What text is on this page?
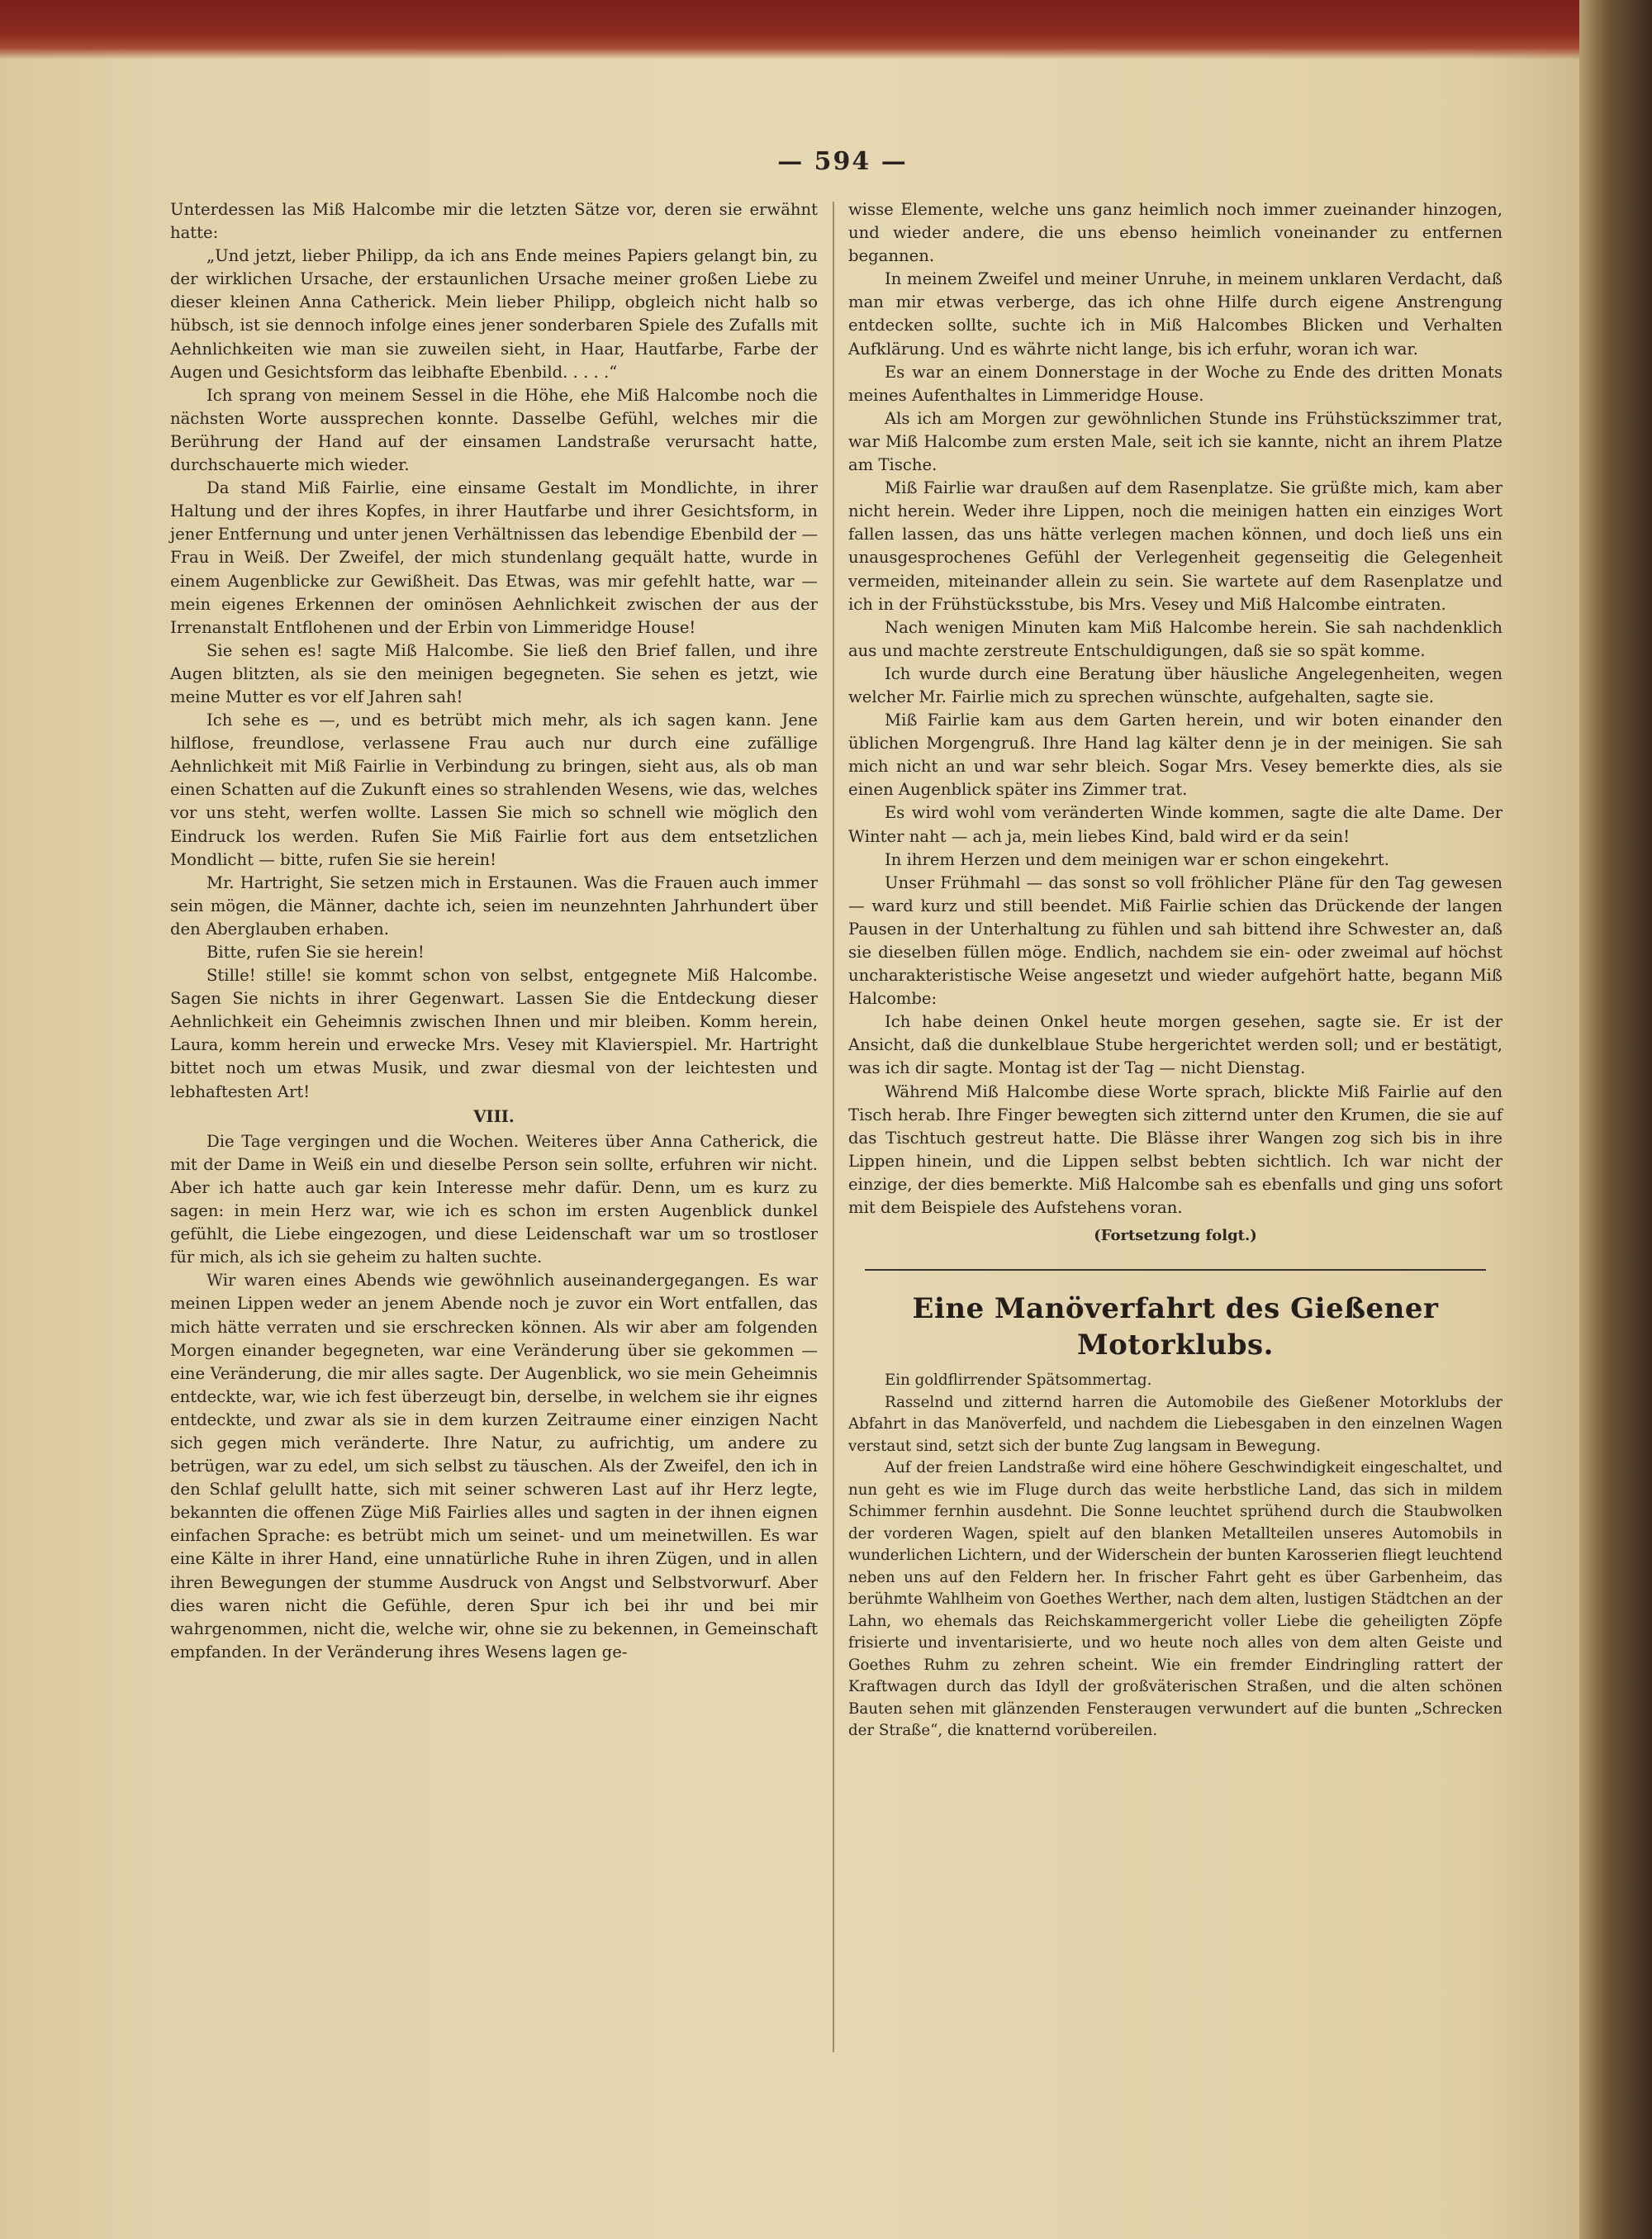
— 594 —

Unterdessen las Miß Halcombe mir die letzten Sätze vor, deren sie erwähnt hatte:

„Und jetzt, lieber Philipp, da ich ans Ende meines Papiers gelangt bin, zu der wirklichen Ursache, der erstaunlichen Ursache meiner großen Liebe zu dieser kleinen Anna Catherick. Mein lieber Philipp, obgleich nicht halb so hübsch, ist sie dennoch infolge eines jener sonderbaren Spiele des Zufalls mit Aehnlichkeiten wie man sie zuweilen sieht, in Haar, Hautfarbe, Farbe der Augen und Gesichtsform das leibhafte Ebenbild. . . . .“

Ich sprang von meinem Sessel in die Höhe, ehe Miß Halcombe noch die nächsten Worte aussprechen konnte. Dasselbe Gefühl, welches mir die Berührung der Hand auf der einsamen Landstraße verursacht hatte, durchschauerte mich wieder.

Da stand Miß Fairlie, eine einsame Gestalt im Mondlichte, in ihrer Haltung und der ihres Kopfes, in ihrer Hautfarbe und ihrer Gesichtsform, in jener Entfernung und unter jenen Verhältnissen das lebendige Ebenbild der — Frau in Weiß. Der Zweifel, der mich stundenlang gequält hatte, wurde in einem Augenblicke zur Gewißheit. Das Etwas, was mir gefehlt hatte, war — mein eigenes Erkennen der ominösen Aehnlichkeit zwischen der aus der Irrenanstalt Entflohenen und der Erbin von Limmeridge House!

Sie sehen es! sagte Miß Halcombe. Sie ließ den Brief fallen, und ihre Augen blitzten, als sie den meinigen begegneten. Sie sehen es jetzt, wie meine Mutter es vor elf Jahren sah!

Ich sehe es —, und es betrübt mich mehr, als ich sagen kann. Jene hilflose, freundlose, verlassene Frau auch nur durch eine zufällige Aehnlichkeit mit Miß Fairlie in Verbindung zu bringen, sieht aus, als ob man einen Schatten auf die Zukunft eines so strahlenden Wesens, wie das, welches vor uns steht, werfen wollte. Lassen Sie mich so schnell wie möglich den Eindruck los werden. Rufen Sie Miß Fairlie fort aus dem entsetzlichen Mondlicht — bitte, rufen Sie sie herein!

Mr. Hartright, Sie setzen mich in Erstaunen. Was die Frauen auch immer sein mögen, die Männer, dachte ich, seien im neunzehnten Jahrhundert über den Aberglauben erhaben.

Bitte, rufen Sie sie herein!

Stille! stille! sie kommt schon von selbst, entgegnete Miß Halcombe. Sagen Sie nichts in ihrer Gegenwart. Lassen Sie die Entdeckung dieser Aehnlichkeit ein Geheimnis zwischen Ihnen und mir bleiben. Komm herein, Laura, komm herein und erwecke Mrs. Vesey mit Klavierspiel. Mr. Hartright bittet noch um etwas Musik, und zwar diesmal von der leichtesten und lebhaftesten Art!

VIII.

Die Tage vergingen und die Wochen. Weiteres über Anna Catherick, die mit der Dame in Weiß ein und dieselbe Person sein sollte, erfuhren wir nicht. Aber ich hatte auch gar kein Interesse mehr dafür. Denn, um es kurz zu sagen: in mein Herz war, wie ich es schon im ersten Augenblick dunkel gefühlt, die Liebe eingezogen, und diese Leidenschaft war um so trostloser für mich, als ich sie geheim zu halten suchte.

Wir waren eines Abends wie gewöhnlich auseinandergegangen. Es war meinen Lippen weder an jenem Abende noch je zuvor ein Wort entfallen, das mich hätte verraten und sie erschrecken können. Als wir aber am folgenden Morgen einander begegneten, war eine Veränderung über sie gekommen — eine Veränderung, die mir alles sagte. Der Augenblick, wo sie mein Geheimnis entdeckte, war, wie ich fest überzeugt bin, derselbe, in welchem sie ihr eignes entdeckte, und zwar als sie in dem kurzen Zeitraume einer einzigen Nacht sich gegen mich veränderte. Ihre Natur, zu aufrichtig, um andere zu betrügen, war zu edel, um sich selbst zu täuschen. Als der Zweifel, den ich in den Schlaf gelullt hatte, sich mit seiner schweren Last auf ihr Herz legte, bekannten die offenen Züge Miß Fairlies alles und sagten in der ihnen eignen einfachen Sprache: es betrübt mich um seinet- und um meinetwillen. Es war eine Kälte in ihrer Hand, eine unnatürliche Ruhe in ihren Zügen, und in allen ihren Bewegungen der stumme Ausdruck von Angst und Selbstvorwurf. Aber dies waren nicht die Gefühle, deren Spur ich bei ihr und bei mir wahrgenommen, nicht die, welche wir, ohne sie zu bekennen, in Gemeinschaft empfanden. In der Veränderung ihres Wesens lagen ge-

wisse Elemente, welche uns ganz heimlich noch immer zueinander hinzogen, und wieder andere, die uns ebenso heimlich voneinander zu entfernen begannen.

In meinem Zweifel und meiner Unruhe, in meinem unklaren Verdacht, daß man mir etwas verberge, das ich ohne Hilfe durch eigene Anstrengung entdecken sollte, suchte ich in Miß Halcombes Blicken und Verhalten Aufklärung. Und es währte nicht lange, bis ich erfuhr, woran ich war.

Es war an einem Donnerstage in der Woche zu Ende des dritten Monats meines Aufenthaltes in Limmeridge House.

Als ich am Morgen zur gewöhnlichen Stunde ins Frühstückszimmer trat, war Miß Halcombe zum ersten Male, seit ich sie kannte, nicht an ihrem Platze am Tische.

Miß Fairlie war draußen auf dem Rasenplatze. Sie grüßte mich, kam aber nicht herein. Weder ihre Lippen, noch die meinigen hatten ein einziges Wort fallen lassen, das uns hätte verlegen machen können, und doch ließ uns ein unausgesprochenes Gefühl der Verlegenheit gegenseitig die Gelegenheit vermeiden, miteinander allein zu sein. Sie wartete auf dem Rasenplatze und ich in der Frühstücksstube, bis Mrs. Vesey und Miß Halcombe eintraten.

Nach wenigen Minuten kam Miß Halcombe herein. Sie sah nachdenklich aus und machte zerstreute Entschuldigungen, daß sie so spät komme.

Ich wurde durch eine Beratung über häusliche Angelegenheiten, wegen welcher Mr. Fairlie mich zu sprechen wünschte, aufgehalten, sagte sie.

Miß Fairlie kam aus dem Garten herein, und wir boten einander den üblichen Morgengruß. Ihre Hand lag kälter denn je in der meinigen. Sie sah mich nicht an und war sehr bleich. Sogar Mrs. Vesey bemerkte dies, als sie einen Augenblick später ins Zimmer trat.

Es wird wohl vom veränderten Winde kommen, sagte die alte Dame. Der Winter naht — ach ja, mein liebes Kind, bald wird er da sein!

In ihrem Herzen und dem meinigen war er schon eingekehrt.

Unser Frühmahl — das sonst so voll fröhlicher Pläne für den Tag gewesen — ward kurz und still beendet. Miß Fairlie schien das Drückende der langen Pausen in der Unterhaltung zu fühlen und sah bittend ihre Schwester an, daß sie dieselben füllen möge. Endlich, nachdem sie ein- oder zweimal auf höchst uncharakteristische Weise angesetzt und wieder aufgehört hatte, begann Miß Halcombe:

Ich habe deinen Onkel heute morgen gesehen, sagte sie. Er ist der Ansicht, daß die dunkelblaue Stube hergerichtet werden soll; und er bestätigt, was ich dir sagte. Montag ist der Tag — nicht Dienstag.

Während Miß Halcombe diese Worte sprach, blickte Miß Fairlie auf den Tisch herab. Ihre Finger bewegten sich zitternd unter den Krumen, die sie auf das Tischtuch gestreut hatte. Die Blässe ihrer Wangen zog sich bis in ihre Lippen hinein, und die Lippen selbst bebten sichtlich. Ich war nicht der einzige, der dies bemerkte. Miß Halcombe sah es ebenfalls und ging uns sofort mit dem Beispiele des Aufstehens voran.

(Fortsetzung folgt.)
Eine Manöverfahrt des Gießener Motorklubs.

Ein goldflirrender Spätsommertag.

Rasselnd und zitternd harren die Automobile des Gießener Motorklubs der Abfahrt in das Manöverfeld, und nachdem die Liebesgaben in den einzelnen Wagen verstaut sind, setzt sich der bunte Zug langsam in Bewegung.

Auf der freien Landstraße wird eine höhere Geschwindigkeit eingeschaltet, und nun geht es wie im Fluge durch das weite herbstliche Land, das sich in mildem Schimmer fernhin ausdehnt. Die Sonne leuchtet sprühend durch die Staubwolken der vorderen Wagen, spielt auf den blanken Metallteilen unseres Automobils in wunderlichen Lichtern, und der Widerschein der bunten Karosserien fliegt leuchtend neben uns auf den Feldern her. In frischer Fahrt geht es über Garbenheim, das berühmte Wahlheim von Goethes Werther, nach dem alten, lustigen Städtchen an der Lahn, wo ehemals das Reichskammergericht voller Liebe die geheiligten Zöpfe frisierte und inventarisierte, und wo heute noch alles von dem alten Geiste und Goethes Ruhm zu zehren scheint. Wie ein fremder Eindringling rattert der Kraftwagen durch das Idyll der großväterischen Straßen, und die alten schönen Bauten sehen mit glänzenden Fensteraugen verwundert auf die bunten „Schrecken der Straße“, die knatternd vorübereilen.
